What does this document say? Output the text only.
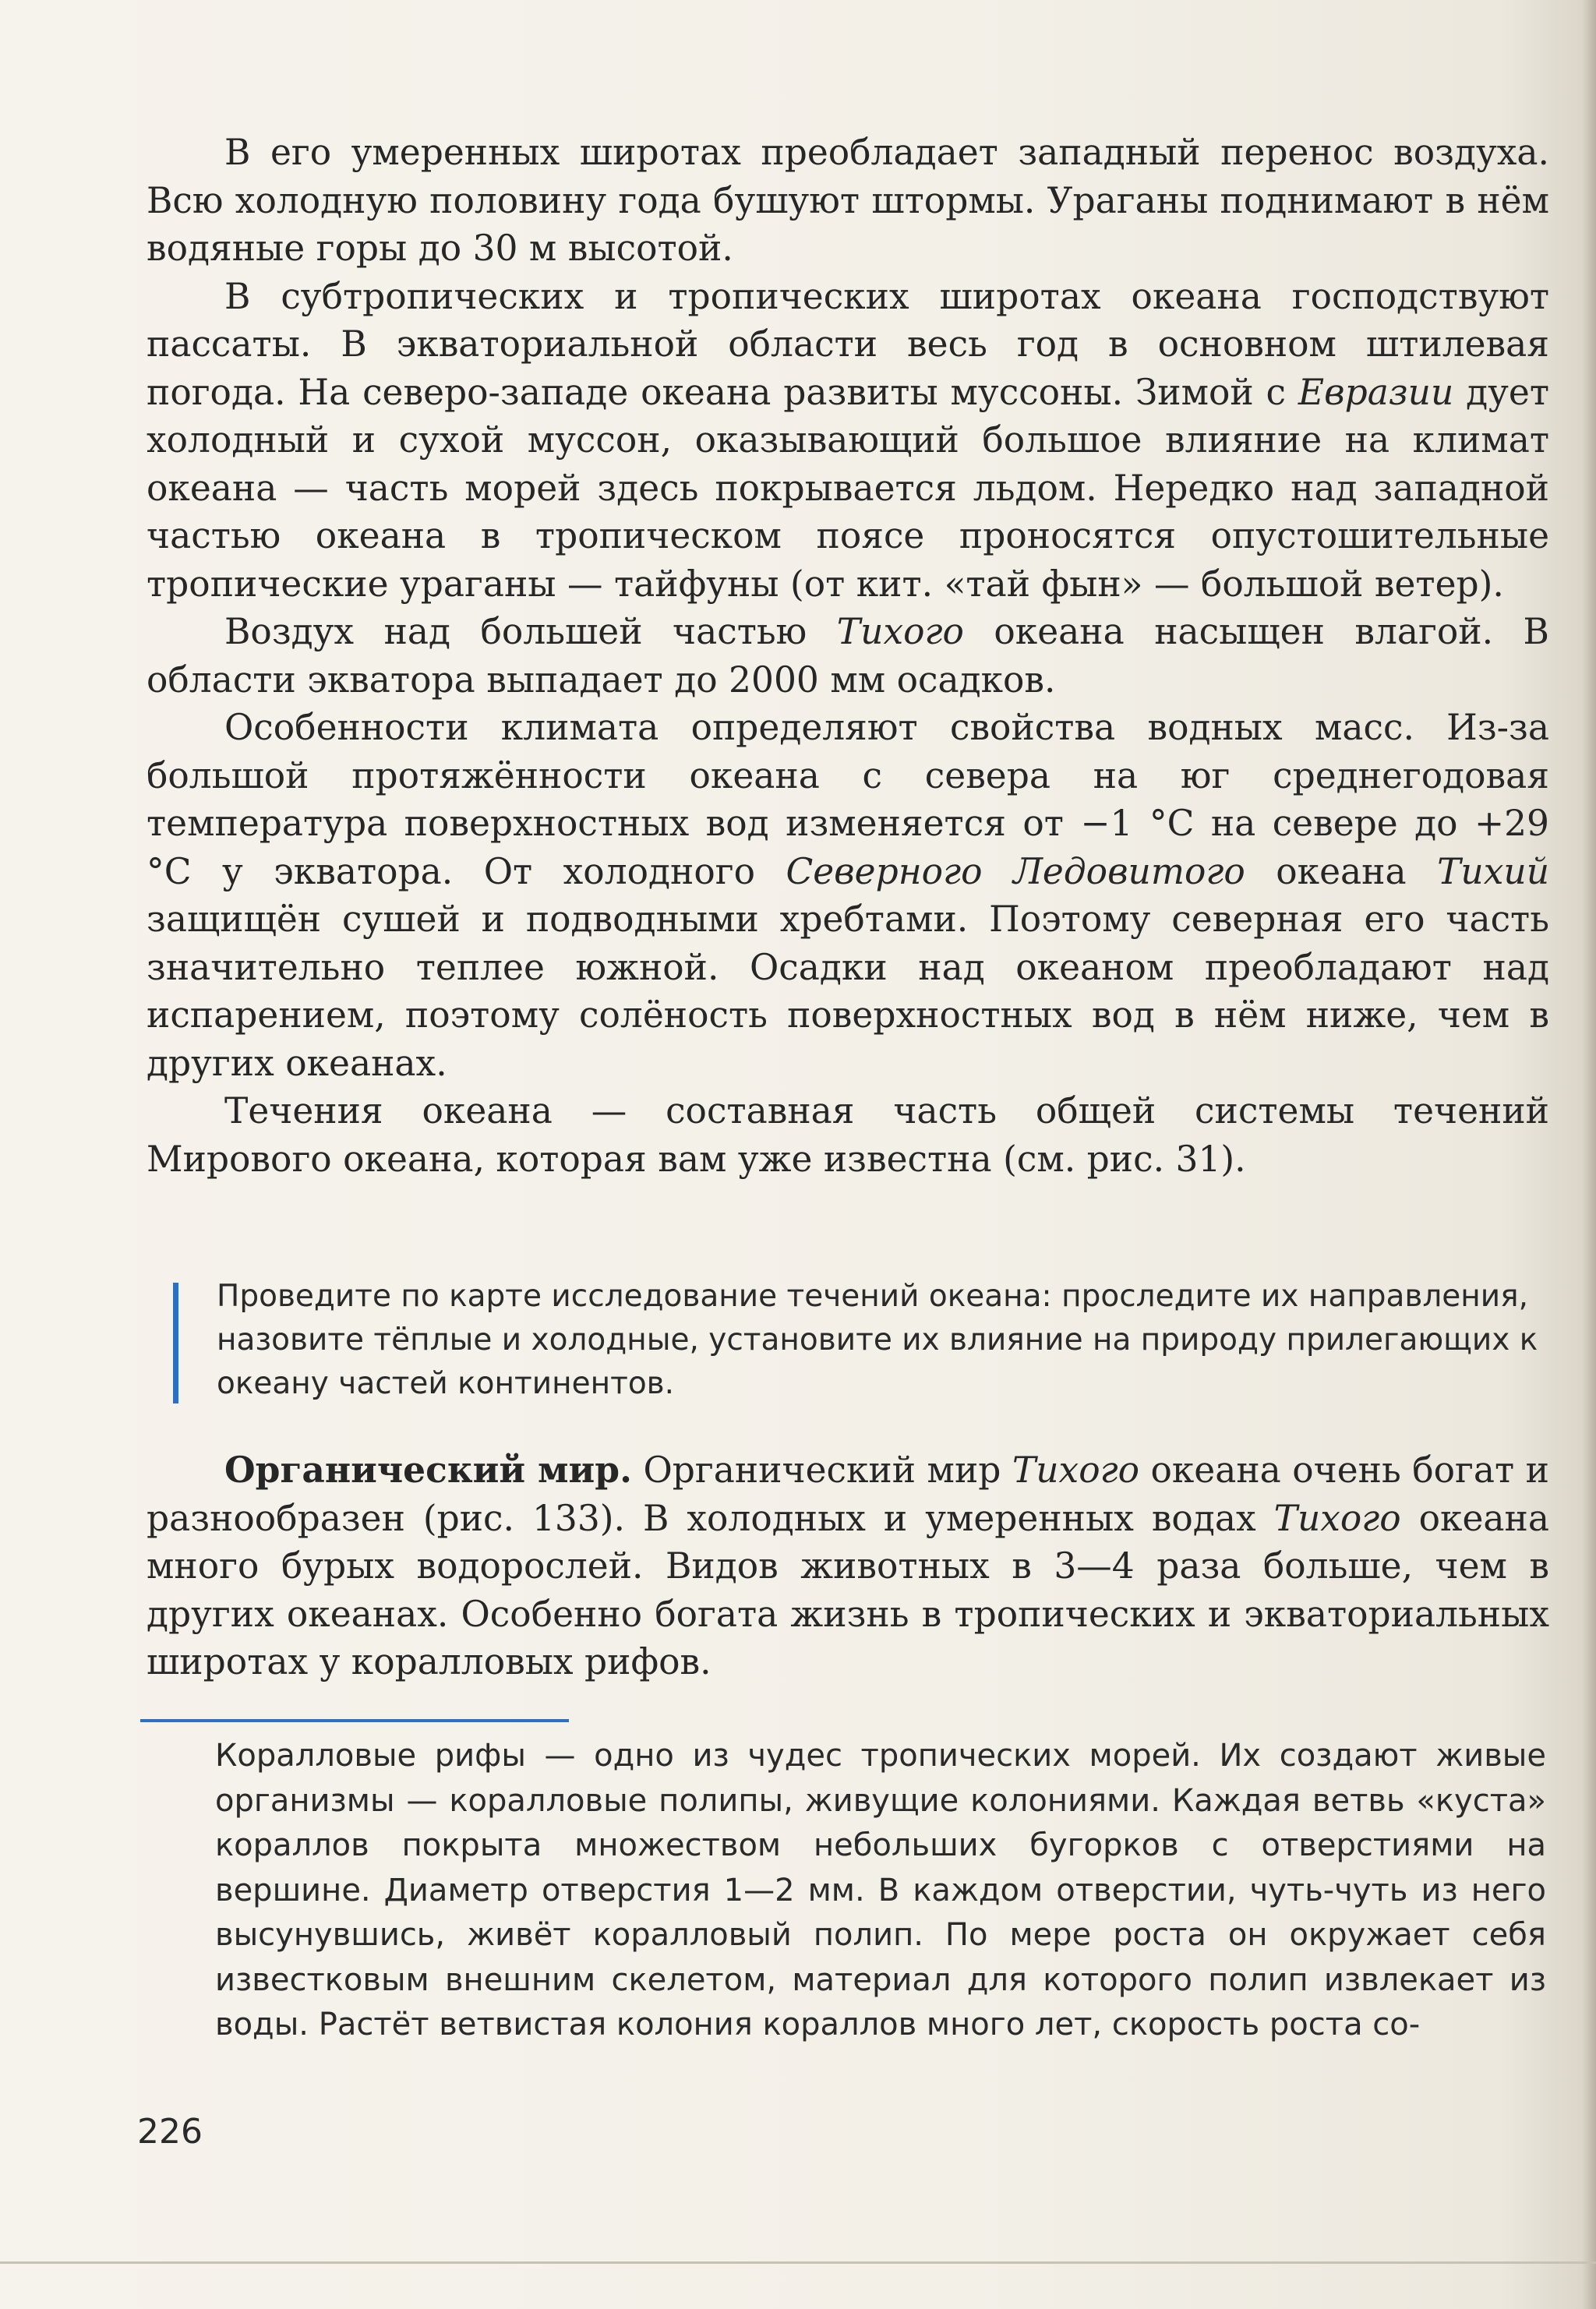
В его умеренных широтах преобладает западный перенос воздуха. Всю холодную половину года бушуют штормы. Ураганы поднимают в нём водяные горы до 30 м высотой.

В субтропических и тропических широтах океана господствуют пассаты. В экваториальной области весь год в основном штилевая погода. На северо-западе океана развиты муссоны. Зимой с Евразии дует холодный и сухой муссон, оказывающий большое влияние на климат океана — часть морей здесь покрывается льдом. Нередко над западной частью океана в тропическом поясе проносятся опустошительные тропические ураганы — тайфуны (от кит. «тай фын» — большой ветер).

Воздух над большей частью Тихого океана насыщен влагой. В области экватора выпадает до 2000 мм осадков.

Особенности климата определяют свойства водных масс. Из-за большой протяжённости океана с севера на юг среднегодовая температура поверхностных вод изменяется от −1 °С на севере до +29 °С у экватора. От холодного Северного Ледовитого океана Тихий защищён сушей и подводными хребтами. Поэтому северная его часть значительно теплее южной. Осадки над океаном преобладают над испарением, поэтому солёность поверхностных вод в нём ниже, чем в других океанах.

Течения океана — составная часть общей системы течений Мирового океана, которая вам уже известна (см. рис. 31).

Проведите по карте исследование течений океана: проследите их направления, назовите тёплые и холодные, установите их влияние на природу прилегающих к океану частей континентов.

Органический мир. Органический мир Тихого океана очень богат и разнообразен (рис. 133). В холодных и умеренных водах Тихого океана много бурых водорослей. Видов животных в 3—4 раза больше, чем в других океанах. Особенно богата жизнь в тропических и экваториальных широтах у коралловых рифов.

Коралловые рифы — одно из чудес тропических морей. Их создают живые организмы — коралловые полипы, живущие колониями. Каждая ветвь «куста» кораллов покрыта множеством небольших бугорков с отверстиями на вершине. Диаметр отверстия 1—2 мм. В каждом отверстии, чуть-чуть из него высунувшись, живёт коралловый полип. По мере роста он окружает себя известковым внешним скелетом, материал для которого полип извлекает из воды. Растёт ветвистая колония кораллов много лет, скорость роста со-

226
